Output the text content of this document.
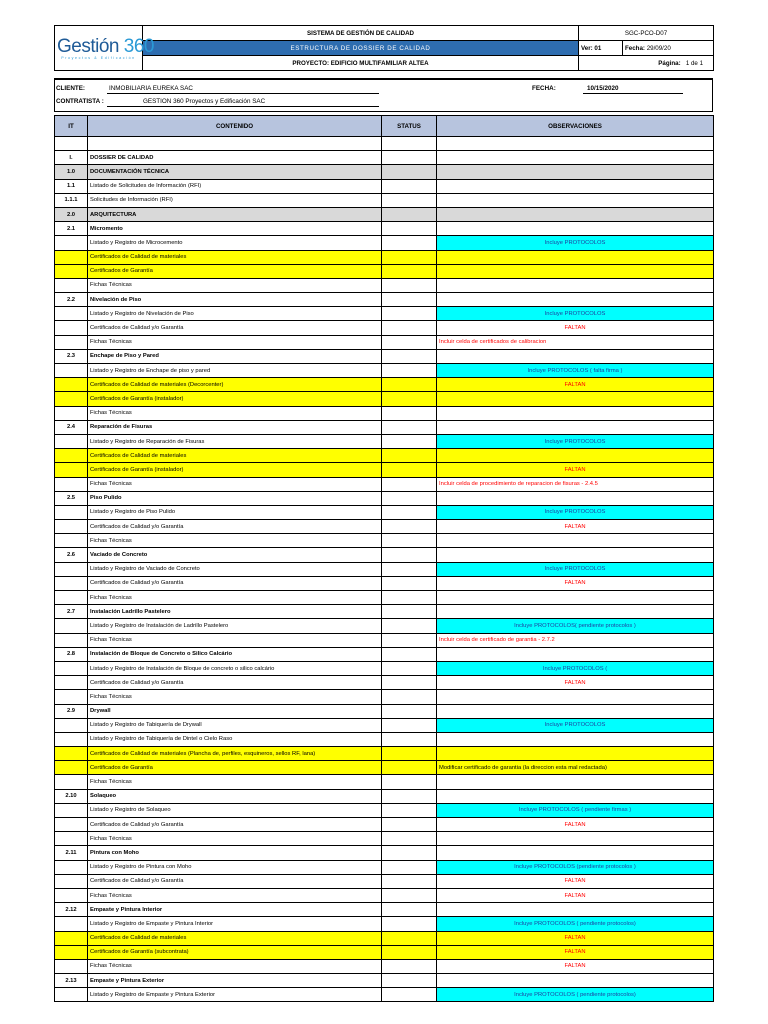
Gestión 360
Proyectos & Edificación	SISTEMA DE GESTIÓN DE CALIDAD	SGC-PCO-D07	
	ESTRUCTURA DE DOSSIER DE CALIDAD	Ver: 01	Fecha: 29/09/20
	PROYECTO: EDIFICIO MULTIFAMILIAR ALTEA	Página: 1 de 1	
CLIENTE:	INMOBILIARIA EUREKA SAC	FECHA:	10/15/2020
CONTRATISTA :	GESTION 360 Proyectos y Edificación SAC
IT	CONTENIDO	STATUS	OBSERVACIONES

I.	DOSSIER DE CALIDAD		
1.0	DOCUMENTACIÓN TÉCNICA		
1.1	Listado de Solicitudes de Información (RFI)		
1.1.1	Solicitudes de Información (RFI)		
2.0	ARQUITECTURA		
2.1	Micromento		
	Listado y Registro de Microcemento		Incluye PROTOCOLOS
	Certificados de Calidad de materiales		
	Certificados de Garantía		
	Fichas Técnicas		
2.2	Nivelación de Piso		
	Listado y Registro de Nivelación de Piso		Incluye PROTOCOLOS
	Certificados de Calidad y/o Garantía		FALTAN
	Fichas Técnicas		Incluir celda de certificados de calibracion
2.3	Enchape de Piso y Pared		
	Listado y Registro de Enchape de piso y pared		Incluye PROTOCOLOS ( falta firma )
	Certificados de Calidad de materiales (Decorcenter)		FALTAN
	Certificados de Garantía (instalador)		
	Fichas Técnicas		
2.4	Reparación de Fisuras		
	Listado y Registro de Reparación de Fisuras		Incluye PROTOCOLOS
	Certificados de Calidad de materiales		
	Certificados de Garantía (instalador)		FALTAN
	Fichas Técnicas		Incluir celda de procedimiento de reparacion de fisuras - 2.4.5
2.5	Piso Pulido		
	Listado y Registro de Piso Pulido		Incluye PROTOCOLOS
	Certificados de Calidad y/o Garantía		FALTAN
	Fichas Técnicas		
2.6	Vaciado de Concreto		
	Listado y Registro de Vaciado de Concreto		Incluye PROTOCOLOS
	Certificados de Calidad y/o Garantía		FALTAN
	Fichas Técnicas		
2.7	Instalación Ladrillo Pastelero		
	Listado y Registro de Instalación de Ladrillo Pastelero		Incluye PROTOCOLOS( pendiente protocolos )
	Fichas Técnicas		Incluir celda de certificado de garantia - 2.7.2
2.8	Instalación de Bloque de Concreto o Silico Calcário		
	Listado y Registro de Instalación de Bloque de concreto o silico calcário		Incluye PROTOCOLOS (
	Certificados de Calidad y/o Garantía		FALTAN
	Fichas Técnicas		
2.9	Drywall		
	Listado y Registro de Tabiquería de Drywall		Incluye PROTOCOLOS
	Listado y Registro de Tabiquería de Dintel o Cielo Raso		
	Certificados de Calidad de materiales (Plancha de, perfiles, esquineros, sellos RF, lana)		
	Certificados de Garantía		Modificar certificado de garantia (la direccion esta mal redactada)
	Fichas Técnicas		
2.10	Solaqueo		
	Listado y Registro de Solaqueo		Incluye PROTOCOLOS ( pendiente firmas )
	Certificados de Calidad y/o Garantía		FALTAN
	Fichas Técnicas		
2.11	Pintura con Moho		
	Listado y Registro de Pintura con Moho		Incluye PROTOCOLOS (pendiente protocolos )
	Certificados de Calidad y/o Garantía		FALTAN
	Fichas Técnicas		FALTAN
2.12	Empaste y Pintura Interior		
	Listado y Registro de Empaste y Pintura Interior		Incluye PROTOCOLOS ( pendiente protocolos)
	Certificados de Calidad de materiales		FALTAN
	Certificados de Garantía (subcontrata)		FALTAN
	Fichas Técnicas		FALTAN
2.13	Empaste y Pintura Exterior		
	Listado y Registro de Empaste y Pintura Exterior		Incluye PROTOCOLOS ( pendiente protocolos)
